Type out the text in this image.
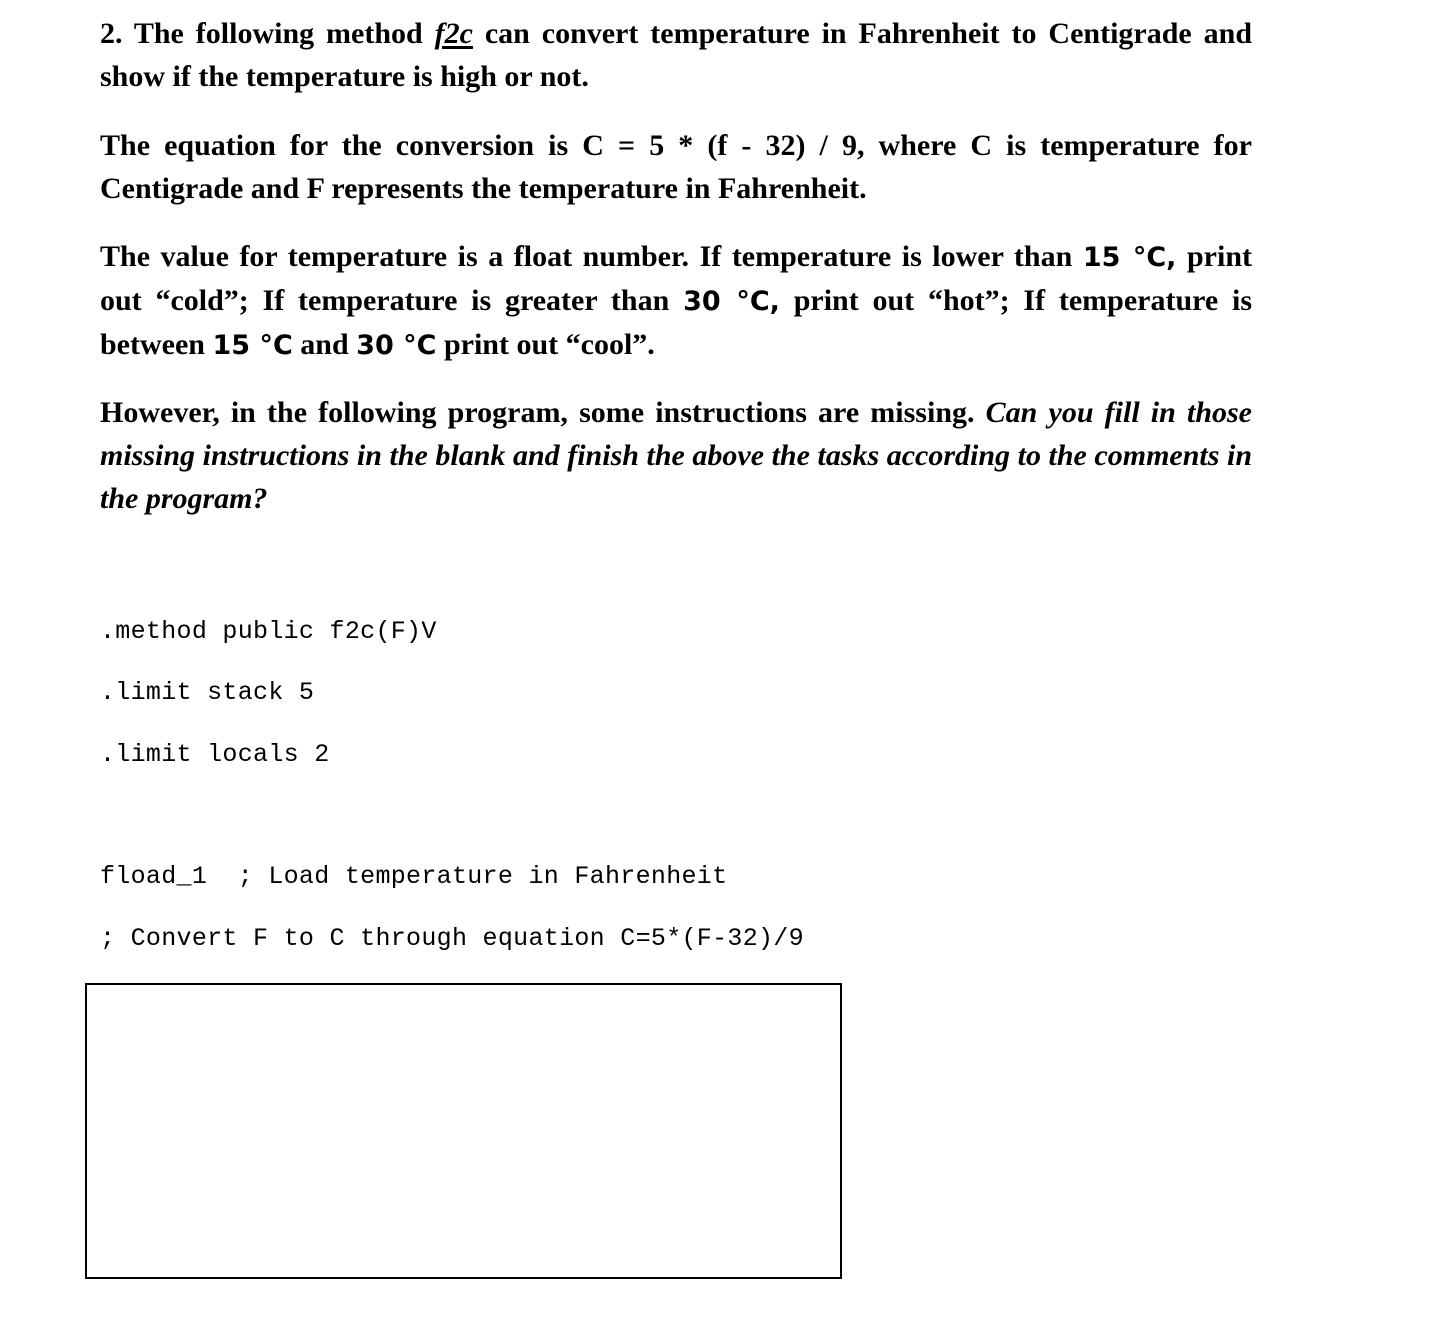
2. The following method f2c can convert temperature in Fahrenheit to Centigrade and show if the temperature is high or not.

The equation for the conversion is C = 5 * (f - 32) / 9, where C is temperature for Centigrade and F represents the temperature in Fahrenheit.

The value for temperature is a float number. If temperature is lower than 15 °C, print out “cold”; If temperature is greater than 30 °C, print out “hot”; If temperature is between 15 °C and 30 °C print out “cool”.

However, in the following program, some instructions are missing. Can you fill in those missing instructions in the blank and finish the above the tasks according to the comments in the program?

.method public f2c(F)V
.limit stack 5
.limit locals 2
fload_1  ; Load temperature in Fahrenheit
; Convert F to C through equation C=5*(F-32)/9
